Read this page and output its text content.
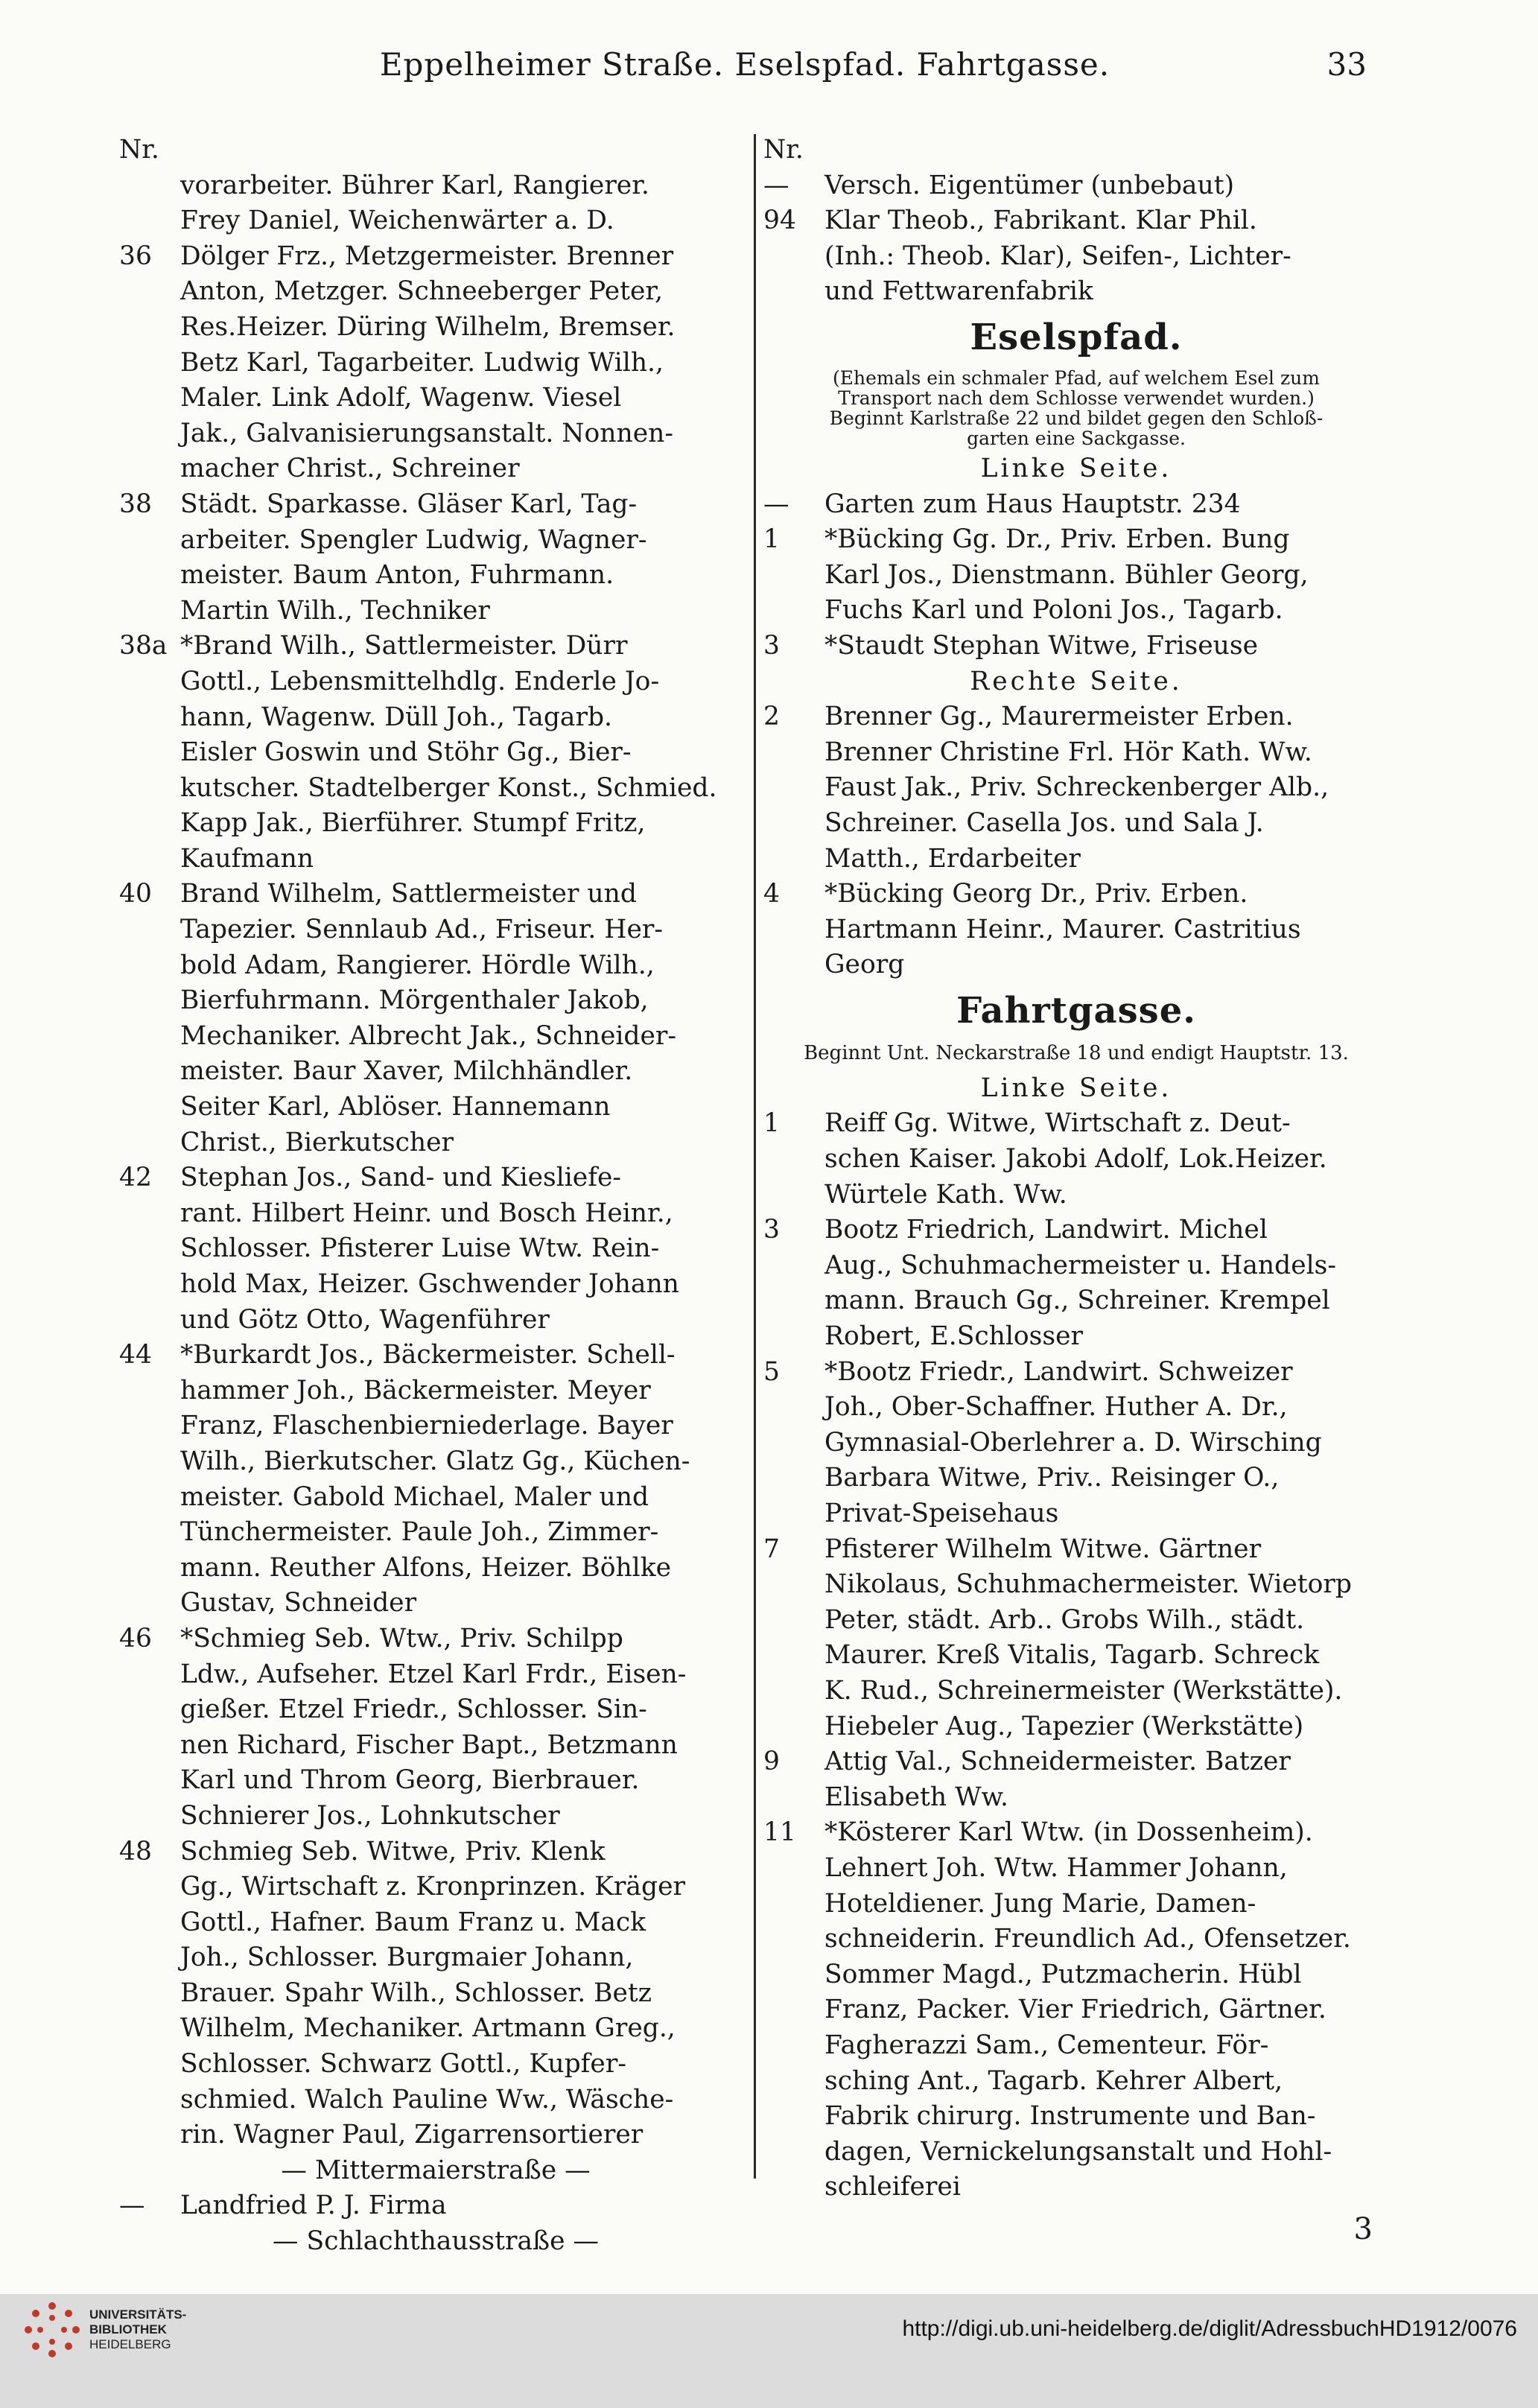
Eppelheimer Straße. Eselspfad. Fahrtgasse.	33
Nr.
vorarbeiter. Bührer Karl, Rangierer.
Frey Daniel, Weichenwärter a. D.
36	Dölger Frz., Metzgermeister. Brenner
Anton, Metzger. Schneeberger Peter,
Res.Heizer. Düring Wilhelm, Bremser.
Betz Karl, Tagarbeiter. Ludwig Wilh.,
Maler. Link Adolf, Wagenw. Viesel
Jak., Galvanisierungsanstalt. Nonnen-
macher Christ., Schreiner
38	Städt. Sparkasse. Gläser Karl, Tag-
arbeiter. Spengler Ludwig, Wagner-
meister. Baum Anton, Fuhrmann.
Martin Wilh., Techniker
38a *Brand Wilh., Sattlermeister. Dürr
Gottl., Lebensmittelhdlg. Enderle Jo-
hann, Wagenw. Düll Joh., Tagarb.
Eisler Goswin und Stöhr Gg., Bier-
kutscher. Stadtelberger Konst., Schmied.
Kapp Jak., Bierführer. Stumpf Fritz,
Kaufmann
40	Brand Wilhelm, Sattlermeister und
Tapezier. Sennlaub Ad., Friseur. Her-
bold Adam, Rangierer. Hördle Wilh.,
Bierfuhrmann. Mörgenthaler Jakob,
Mechaniker. Albrecht Jak., Schneider-
meister. Baur Xaver, Milchhändler.
Seiter Karl, Ablöser. Hannemann
Christ., Bierkutscher
42	Stephan Jos., Sand- und Kiesliefe-
rant. Hilbert Heinr. und Bosch Heinr.,
Schlosser. Pfisterer Luise Wtw. Rein-
hold Max, Heizer. Gschwender Johann
und Götz Otto, Wagenführer
44	*Burkardt Jos., Bäckermeister. Schell-
hammer Joh., Bäckermeister. Meyer
Franz, Flaschenbierniederlage. Bayer
Wilh., Bierkutscher. Glatz Gg., Küchen-
meister. Gabold Michael, Maler und
Tünchermeister. Paule Joh., Zimmer-
mann. Reuther Alfons, Heizer. Böhlke
Gustav, Schneider
46	*Schmieg Seb. Wtw., Priv. Schilpp
Ldw., Aufseher. Etzel Karl Frdr., Eisen-
gießer. Etzel Friedr., Schlosser. Sin-
nen Richard, Fischer Bapt., Betzmann
Karl und Throm Georg, Bierbrauer.
Schnierer Jos., Lohnkutscher
48	Schmieg Seb. Witwe, Priv. Klenk
Gg., Wirtschaft z. Kronprinzen. Kräger
Gottl., Hafner. Baum Franz u. Mack
Joh., Schlosser. Burgmaier Johann,
Brauer. Spahr Wilh., Schlosser. Betz
Wilhelm, Mechaniker. Artmann Greg.,
Schlosser. Schwarz Gottl., Kupfer-
schmied. Walch Pauline Ww., Wäsche-
rin. Wagner Paul, Zigarrensortierer
— Mittermaierstraße —
—	Landfried P. J. Firma
— Schlachthausstraße —
Nr.
—	Versch. Eigentümer (unbebaut)
94	Klar Theob., Fabrikant. Klar Phil.
(Inh.: Theob. Klar), Seifen-, Lichter-
und Fettwarenfabrik
Eselspfad.
(Ehemals ein schmaler Pfad, auf welchem Esel zum
Transport nach dem Schlosse verwendet wurden.)
Beginnt Karlstraße 22 und bildet gegen den Schloß-
garten eine Sackgasse.
Linke Seite.
—	Garten zum Haus Hauptstr. 234
1	*Bücking Gg. Dr., Priv. Erben. Bung
Karl Jos., Dienstmann. Bühler Georg,
Fuchs Karl und Poloni Jos., Tagarb.
3	*Staudt Stephan Witwe, Friseuse
Rechte Seite.
2	Brenner Gg., Maurermeister Erben.
Brenner Christine Frl. Hör Kath. Ww.
Faust Jak., Priv. Schreckenberger Alb.,
Schreiner. Casella Jos. und Sala J.
Matth., Erdarbeiter
4	*Bücking Georg Dr., Priv. Erben.
Hartmann Heinr., Maurer. Castritius
Georg
Fahrtgasse.
Beginnt Unt. Neckarstraße 18 und endigt Hauptstr. 13.
Linke Seite.
1	Reiff Gg. Witwe, Wirtschaft z. Deut-
schen Kaiser. Jakobi Adolf, Lok.Heizer.
Würtele Kath. Ww.
3	Bootz Friedrich, Landwirt. Michel
Aug., Schuhmachermeister u. Handels-
mann. Brauch Gg., Schreiner. Krempel
Robert, E.Schlosser
5	*Bootz Friedr., Landwirt. Schweizer
Joh., Ober-Schaffner. Huther A. Dr.,
Gymnasial-Oberlehrer a. D. Wirsching
Barbara Witwe, Priv.. Reisinger O.,
Privat-Speisehaus
7	Pfisterer Wilhelm Witwe. Gärtner
Nikolaus, Schuhmachermeister. Wietorp
Peter, städt. Arb.. Grobs Wilh., städt.
Maurer. Kreß Vitalis, Tagarb. Schreck
K. Rud., Schreinermeister (Werkstätte).
Hiebeler Aug., Tapezier (Werkstätte)
9	Attig Val., Schneidermeister. Batzer
Elisabeth Ww.
11	*Kösterer Karl Wtw. (in Dossenheim).
Lehnert Joh. Wtw. Hammer Johann,
Hoteldiener. Jung Marie, Damen-
schneiderin. Freundlich Ad., Ofensetzer.
Sommer Magd., Putzmacherin. Hübl
Franz, Packer. Vier Friedrich, Gärtner.
Fagherazzi Sam., Cementeur. För-
sching Ant., Tagarb. Kehrer Albert,
Fabrik chirurg. Instrumente und Ban-
dagen, Vernickelungsanstalt und Hohl-
schleiferei
3
UNIVERSITÄTS-
BIBLIOTHEK
HEIDELBERG
http://digi.ub.uni-heidelberg.de/diglit/AdressbuchHD1912/0076
